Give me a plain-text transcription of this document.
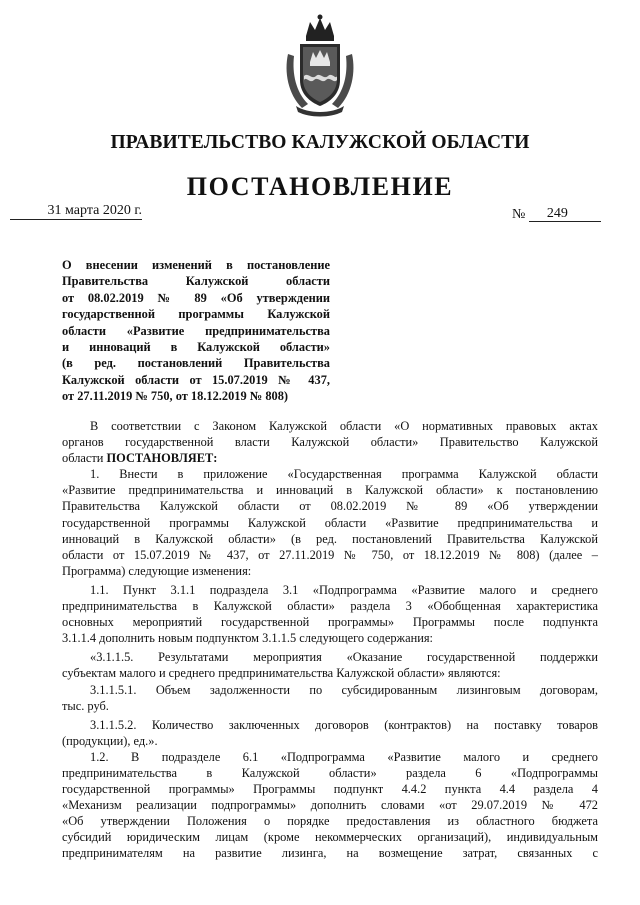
ПРАВИТЕЛЬСТВО КАЛУЖСКОЙ ОБЛАСТИ
ПОСТАНОВЛЕНИЕ
31 марта 2020 г.	№ 249
О внесении изменений в постановление
Правительства Калужской области
от 08.02.2019 № 89 «Об утверждении
государственной программы Калужской
области «Развитие предпринимательства
и инноваций в Калужской области»
(в ред. постановлений Правительства
Калужской области от 15.07.2019 № 437,
от 27.11.2019 № 750, от 18.12.2019 № 808)
В соответствии с Законом Калужской области «О нормативных правовых актах
органов государственной власти Калужской области» Правительство Калужской
области ПОСТАНОВЛЯЕТ:
1. Внести в приложение «Государственная программа Калужской области
«Развитие предпринимательства и инноваций в Калужской области» к постановлению
Правительства Калужской области от 08.02.2019 № 89 «Об утверждении
государственной программы Калужской области «Развитие предпринимательства и
инноваций в Калужской области» (в ред. постановлений Правительства Калужской
области от 15.07.2019 № 437, от 27.11.2019 № 750, от 18.12.2019 № 808) (далее –
Программа) следующие изменения:
1.1. Пункт 3.1.1 подраздела 3.1 «Подпрограмма «Развитие малого и среднего
предпринимательства в Калужской области» раздела 3 «Обобщенная характеристика
основных мероприятий государственной программы» Программы после подпункта
3.1.1.4 дополнить новым подпунктом 3.1.1.5 следующего содержания:
«3.1.1.5. Результатами мероприятия «Оказание государственной поддержки
субъектам малого и среднего предпринимательства Калужской области» являются:
3.1.1.5.1. Объем задолженности по субсидированным лизинговым договорам,
тыс. руб.
3.1.1.5.2. Количество заключенных договоров (контрактов) на поставку товаров
(продукции), ед.».
1.2. В подразделе 6.1 «Подпрограмма «Развитие малого и среднего
предпринимательства в Калужской области» раздела 6 «Подпрограммы
государственной программы» Программы подпункт 4.4.2 пункта 4.4 раздела 4
«Механизм реализации подпрограммы» дополнить словами «от 29.07.2019 № 472
«Об утверждении Положения о порядке предоставления из областного бюджета
субсидий юридическим лицам (кроме некоммерческих организаций), индивидуальным
предпринимателям на развитие лизинга, на возмещение затрат, связанных с
